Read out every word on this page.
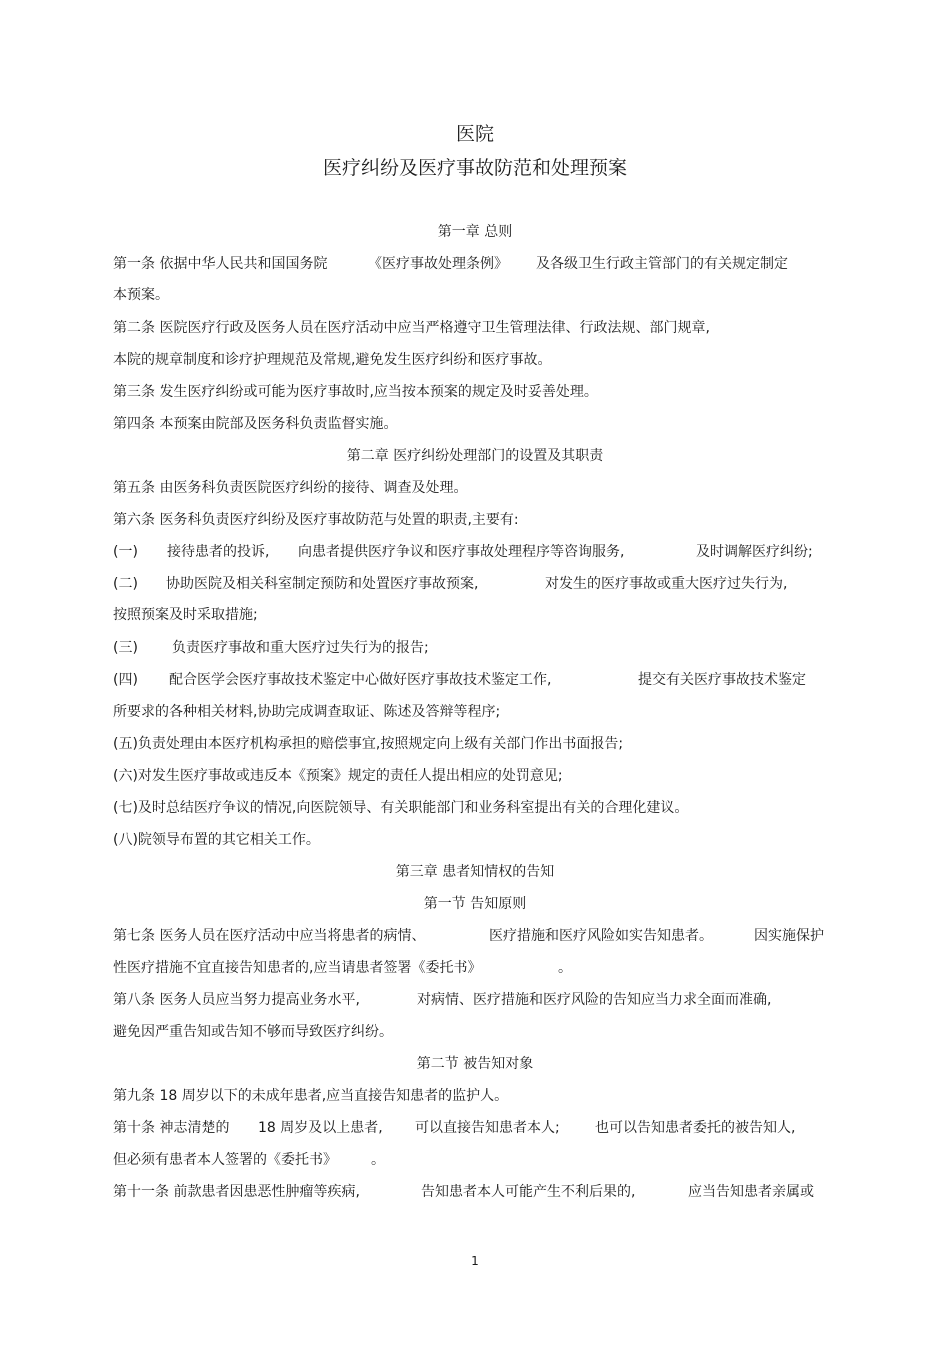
医院

医疗纠纷及医疗事故防范和处理预案

第一章 总则

第一条 依据中华人民共和国国务院	《医疗事故处理条例》 及各级卫生行政主管部门的有关规定制定

本预案。

第二条 医院医疗行政及医务人员在医疗活动中应当严格遵守卫生管理法律、行政法规、部门规章,

本院的规章制度和诊疗护理规范及常规,避免发生医疗纠纷和医疗事故。

第三条 发生医疗纠纷或可能为医疗事故时,应当按本预案的规定及时妥善处理。

第四条 本预案由院部及医务科负责监督实施。

第二章 医疗纠纷处理部门的设置及其职责

第五条 由医务科负责医院医疗纠纷的接待、调查及处理。

第六条 医务科负责医疗纠纷及医疗事故防范与处置的职责,主要有:

(一) 接待患者的投诉, 向患者提供医疗争议和医疗事故处理程序等咨询服务,	及时调解医疗纠纷;
(二) 协助医院及相关科室制定预防和处置医疗事故预案,	对发生的医疗事故或重大医疗过失行为,

按照预案及时采取措施;

(三) 负责医疗事故和重大医疗过失行为的报告;
(四) 配合医学会医疗事故技术鉴定中心做好医疗事故技术鉴定工作,	提交有关医疗事故技术鉴定

所要求的各种相关材料,协助完成调查取证、陈述及答辩等程序;

(五)负责处理由本医疗机构承担的赔偿事宜,按照规定向上级有关部门作出书面报告;

(六)对发生医疗事故或违反本《预案》规定的责任人提出相应的处罚意见;

(七)及时总结医疗争议的情况,向医院领导、有关职能部门和业务科室提出有关的合理化建议。

(八)院领导布置的其它相关工作。

第三章 患者知情权的告知

第一节 告知原则

第七条 医务人员在医疗活动中应当将患者的病情、	医疗措施和医疗风险如实告知患者。	因实施保护
性医疗措施不宜直接告知患者的,应当请患者签署《委托书》	。
第八条 医务人员应当努力提高业务水平,	对病情、医疗措施和医疗风险的告知应当力求全面而准确,

避免因严重告知或告知不够而导致医疗纠纷。

第二节 被告知对象

第九条 18 周岁以下的未成年患者,应当直接告知患者的监护人。

第十条 神志清楚的 18 周岁及以上患者, 可以直接告知患者本人;	也可以告知患者委托的被告知人,
但必须有患者本人签署的《委托书》 。
第十一条 前款患者因患恶性肿瘤等疾病,	告知患者本人可能产生不利后果的,	应当告知患者亲属或

1
